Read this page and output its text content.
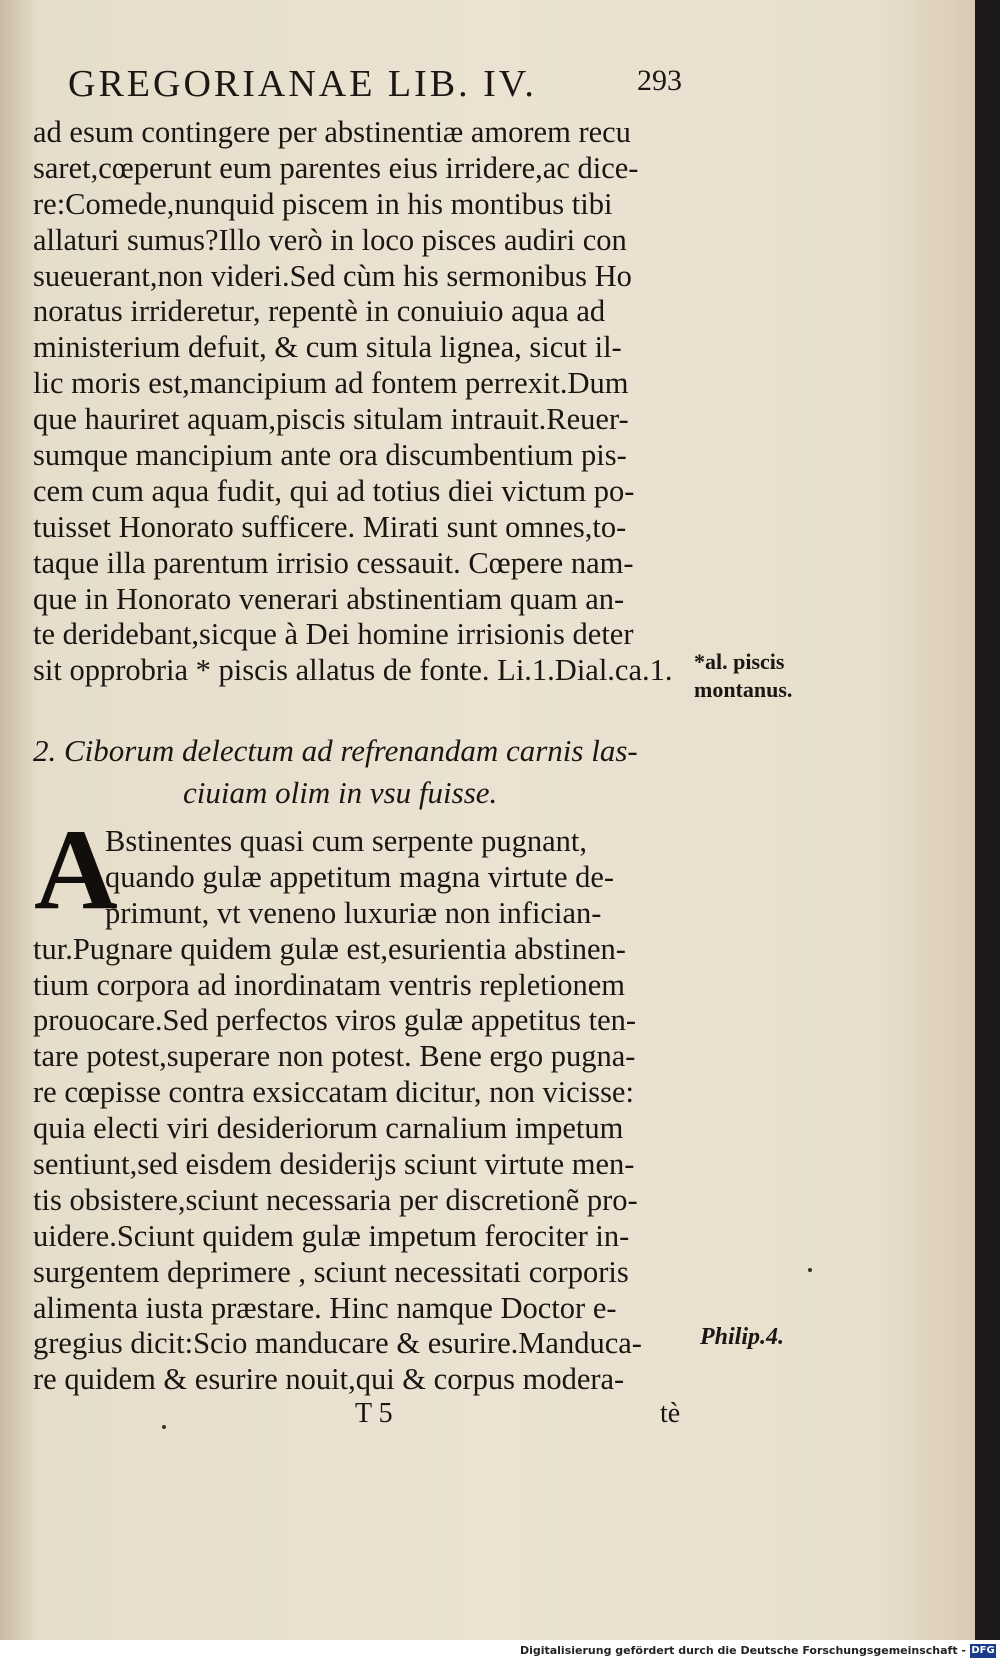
GREGORIANAE LIB. IV.	293
ad esum contingere per abstinentiæ amorem recu
saret,cœperunt eum parentes eius irridere,ac dice-
re:Comede,nunquid piscem in his montibus tibi
allaturi sumus?Illo verò in loco pisces audiri con
sueuerant,non videri.Sed cùm his sermonibus Ho
noratus irrideretur, repentè in conuiuio aqua ad
ministerium defuit, & cum situla lignea, sicut il-
lic moris est,mancipium ad fontem perrexit.Dum
que hauriret aquam,piscis situlam intrauit.Reuer-
sumque mancipium ante ora discumbentium pis-
cem cum aqua fudit, qui ad totius diei victum po-
tuisset Honorato sufficere. Mirati sunt omnes,to-
taque illa parentum irrisio cessauit. Cœpere nam-
que in Honorato venerari abstinentiam quam an-
te deridebant,sicque à Dei homine irrisionis deter
sit opprobria * piscis allatus de fonte. Li.1.Dial.ca.1. *al. piscis
montanus.
2. Ciborum delectum ad refrenandam carnis las-
ciuiam olim in vsu fuisse.
A
Bstinentes quasi cum serpente pugnant,
quando gulæ appetitum magna virtute de-
primunt, vt veneno luxuriæ non infician-
tur.Pugnare quidem gulæ est,esurientia abstinen-
tium corpora ad inordinatam ventris repletionem
prouocare.Sed perfectos viros gulæ appetitus ten-
tare potest,superare non potest. Bene ergo pugna-
re cœpisse contra exsiccatam dicitur, non vicisse:
quia electi viri desideriorum carnalium impetum
sentiunt,sed eisdem desiderijs sciunt virtute men-
tis obsistere,sciunt necessaria per discretionẽ pro-
uidere.Sciunt quidem gulæ impetum ferociter in-
surgentem deprimere , sciunt necessitati corporis
alimenta iusta præstare. Hinc namque Doctor e-
gregius dicit:Scio manducare & esurire.Manduca-
re quidem & esurire nouit,qui & corpus modera-
Philip.4.
T 5	tè
Digitalisierung gefördert durch die Deutsche Forschungsgemeinschaft - DFG
